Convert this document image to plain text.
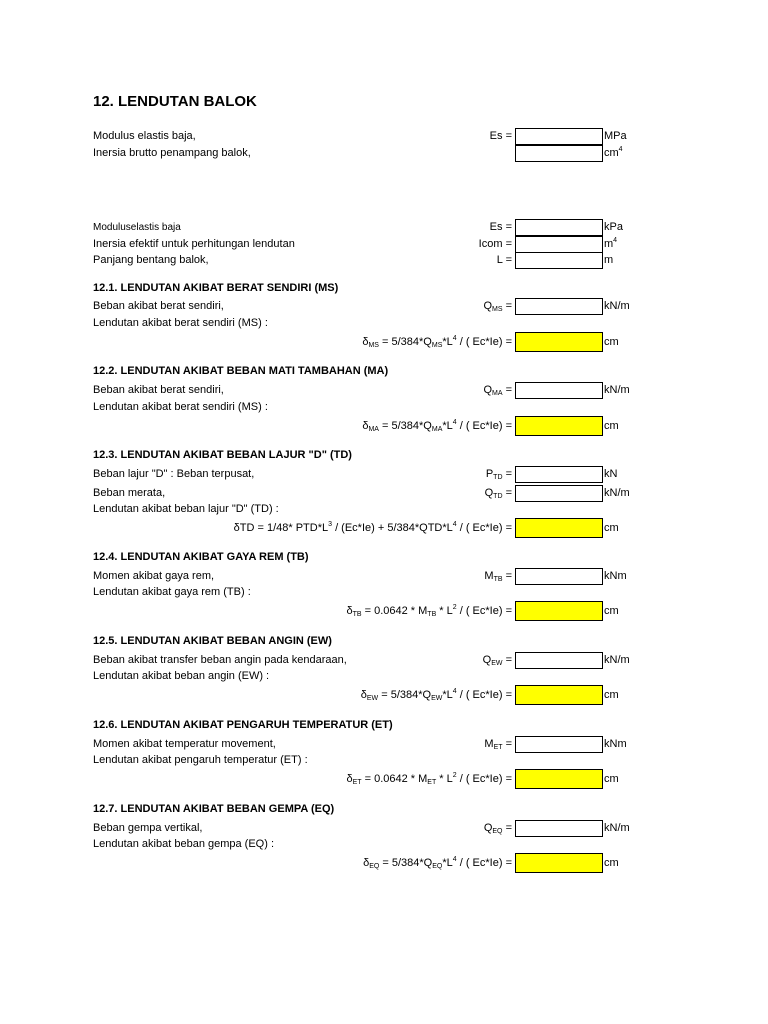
12. LENDUTAN BALOK
Modulus elastis baja,	Es =	MPa
Inersia brutto penampang balok,	$cm^4$
Moduluselastis baja	Es =	kPa
Inersia efektif untuk perhitungan lendutan	Icom =	$m^4$
Panjang bentang balok,	L =	m
12.1. LENDUTAN AKIBAT BERAT SENDIRI (MS)
Beban akibat berat sendiri,	$Q_{MS}$ =	kN/m
Lendutan akibat berat sendiri (MS) :
$\delta_{MS} = 5/384*Q_{MS}*L^4$ / ( Ec*Ie) =	cm
12.2. LENDUTAN AKIBAT BEBAN MATI TAMBAHAN (MA)
Beban akibat berat sendiri,	$Q_{MA}$ =	kN/m
Lendutan akibat berat sendiri (MS) :
$\delta_{MA} = 5/384*Q_{MA}*L^4$ / ( Ec*Ie) =	cm
12.3. LENDUTAN AKIBAT BEBAN LAJUR "D" (TD)
Beban lajur "D" : Beban terpusat,	$P_{TD}$ =	kN
Beban merata,	$Q_{TD}$ =	kN/m
Lendutan akibat beban lajur "D" (TD) :
δTD = 1/48* $PTD*L^3 / (Ec*Ie) + 5/384*QTD*L^4$ / ( Ec*Ie) =	cm
12.4. LENDUTAN AKIBAT GAYA REM (TB)
Momen akibat gaya rem,	$M_{TB}$ =	kNm
Lendutan akibat gaya rem (TB) :
$\delta_{TB} = 0.0642 * M_{TB} * L^2$ / ( Ec*Ie) =	cm
12.5. LENDUTAN AKIBAT BEBAN ANGIN (EW)
Beban akibat transfer beban angin pada kendaraan,	$Q_{EW}$ =	kN/m
Lendutan akibat beban angin (EW) :
$\delta_{EW} = 5/384*Q_{EW}*L^4$ / ( Ec*Ie) =	cm
12.6. LENDUTAN AKIBAT PENGARUH TEMPERATUR (ET)
Momen akibat temperatur movement,	$M_{ET}$ =	kNm
Lendutan akibat pengaruh temperatur (ET) :
$\delta_{ET} = 0.0642 * M_{ET} * L^2$ / ( Ec*Ie) =	cm
12.7. LENDUTAN AKIBAT BEBAN GEMPA (EQ)
Beban gempa vertikal,	$Q_{EQ}$ =	kN/m
Lendutan akibat beban gempa (EQ) :
$\delta_{EQ} = 5/384*Q_{EQ}*L^4$ / ( Ec*Ie) =	cm
